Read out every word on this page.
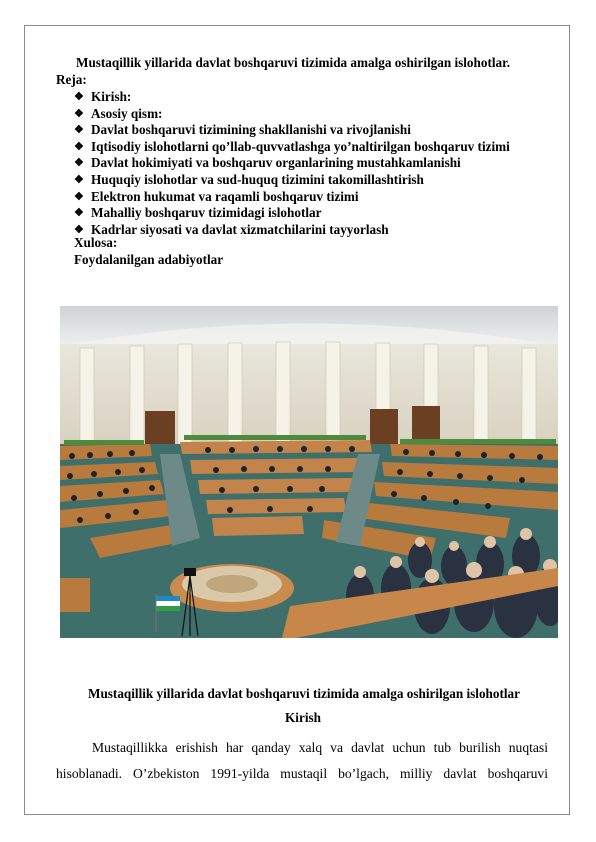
Mustaqillik yillarida davlat boshqaruvi tizimida amalga oshirilgan islohotlar.
Reja:
❖ Kirish:
❖ Asosiy qism:
❖ Davlat boshqaruvi tizimining shakllanishi va rivojlanishi
❖ Iqtisodiy islohotlarni qo’llab-quvvatlashga yo’naltirilgan boshqaruv tizimi
❖ Davlat hokimiyati va boshqaruv organlarining mustahkamlanishi
❖ Huquqiy islohotlar va sud-huquq tizimini takomillashtirish
❖ Elektron hukumat va raqamli boshqaruv tizimi
❖ Mahalliy boshqaruv tizimidagi islohotlar
❖ Kadrlar siyosati va davlat xizmatchilarini tayyorlash
Xulosa:
Foydalanilgan adabiyotlar
Mustaqillik yillarida davlat boshqaruvi tizimida amalga oshirilgan islohotlar
Kirish
Mustaqillikka erishish har qanday xalq va davlat uchun tub burilish nuqtasi hisoblanadi. O’zbekiston 1991-yilda mustaqil bo’lgach, milliy davlat boshqaruvi
